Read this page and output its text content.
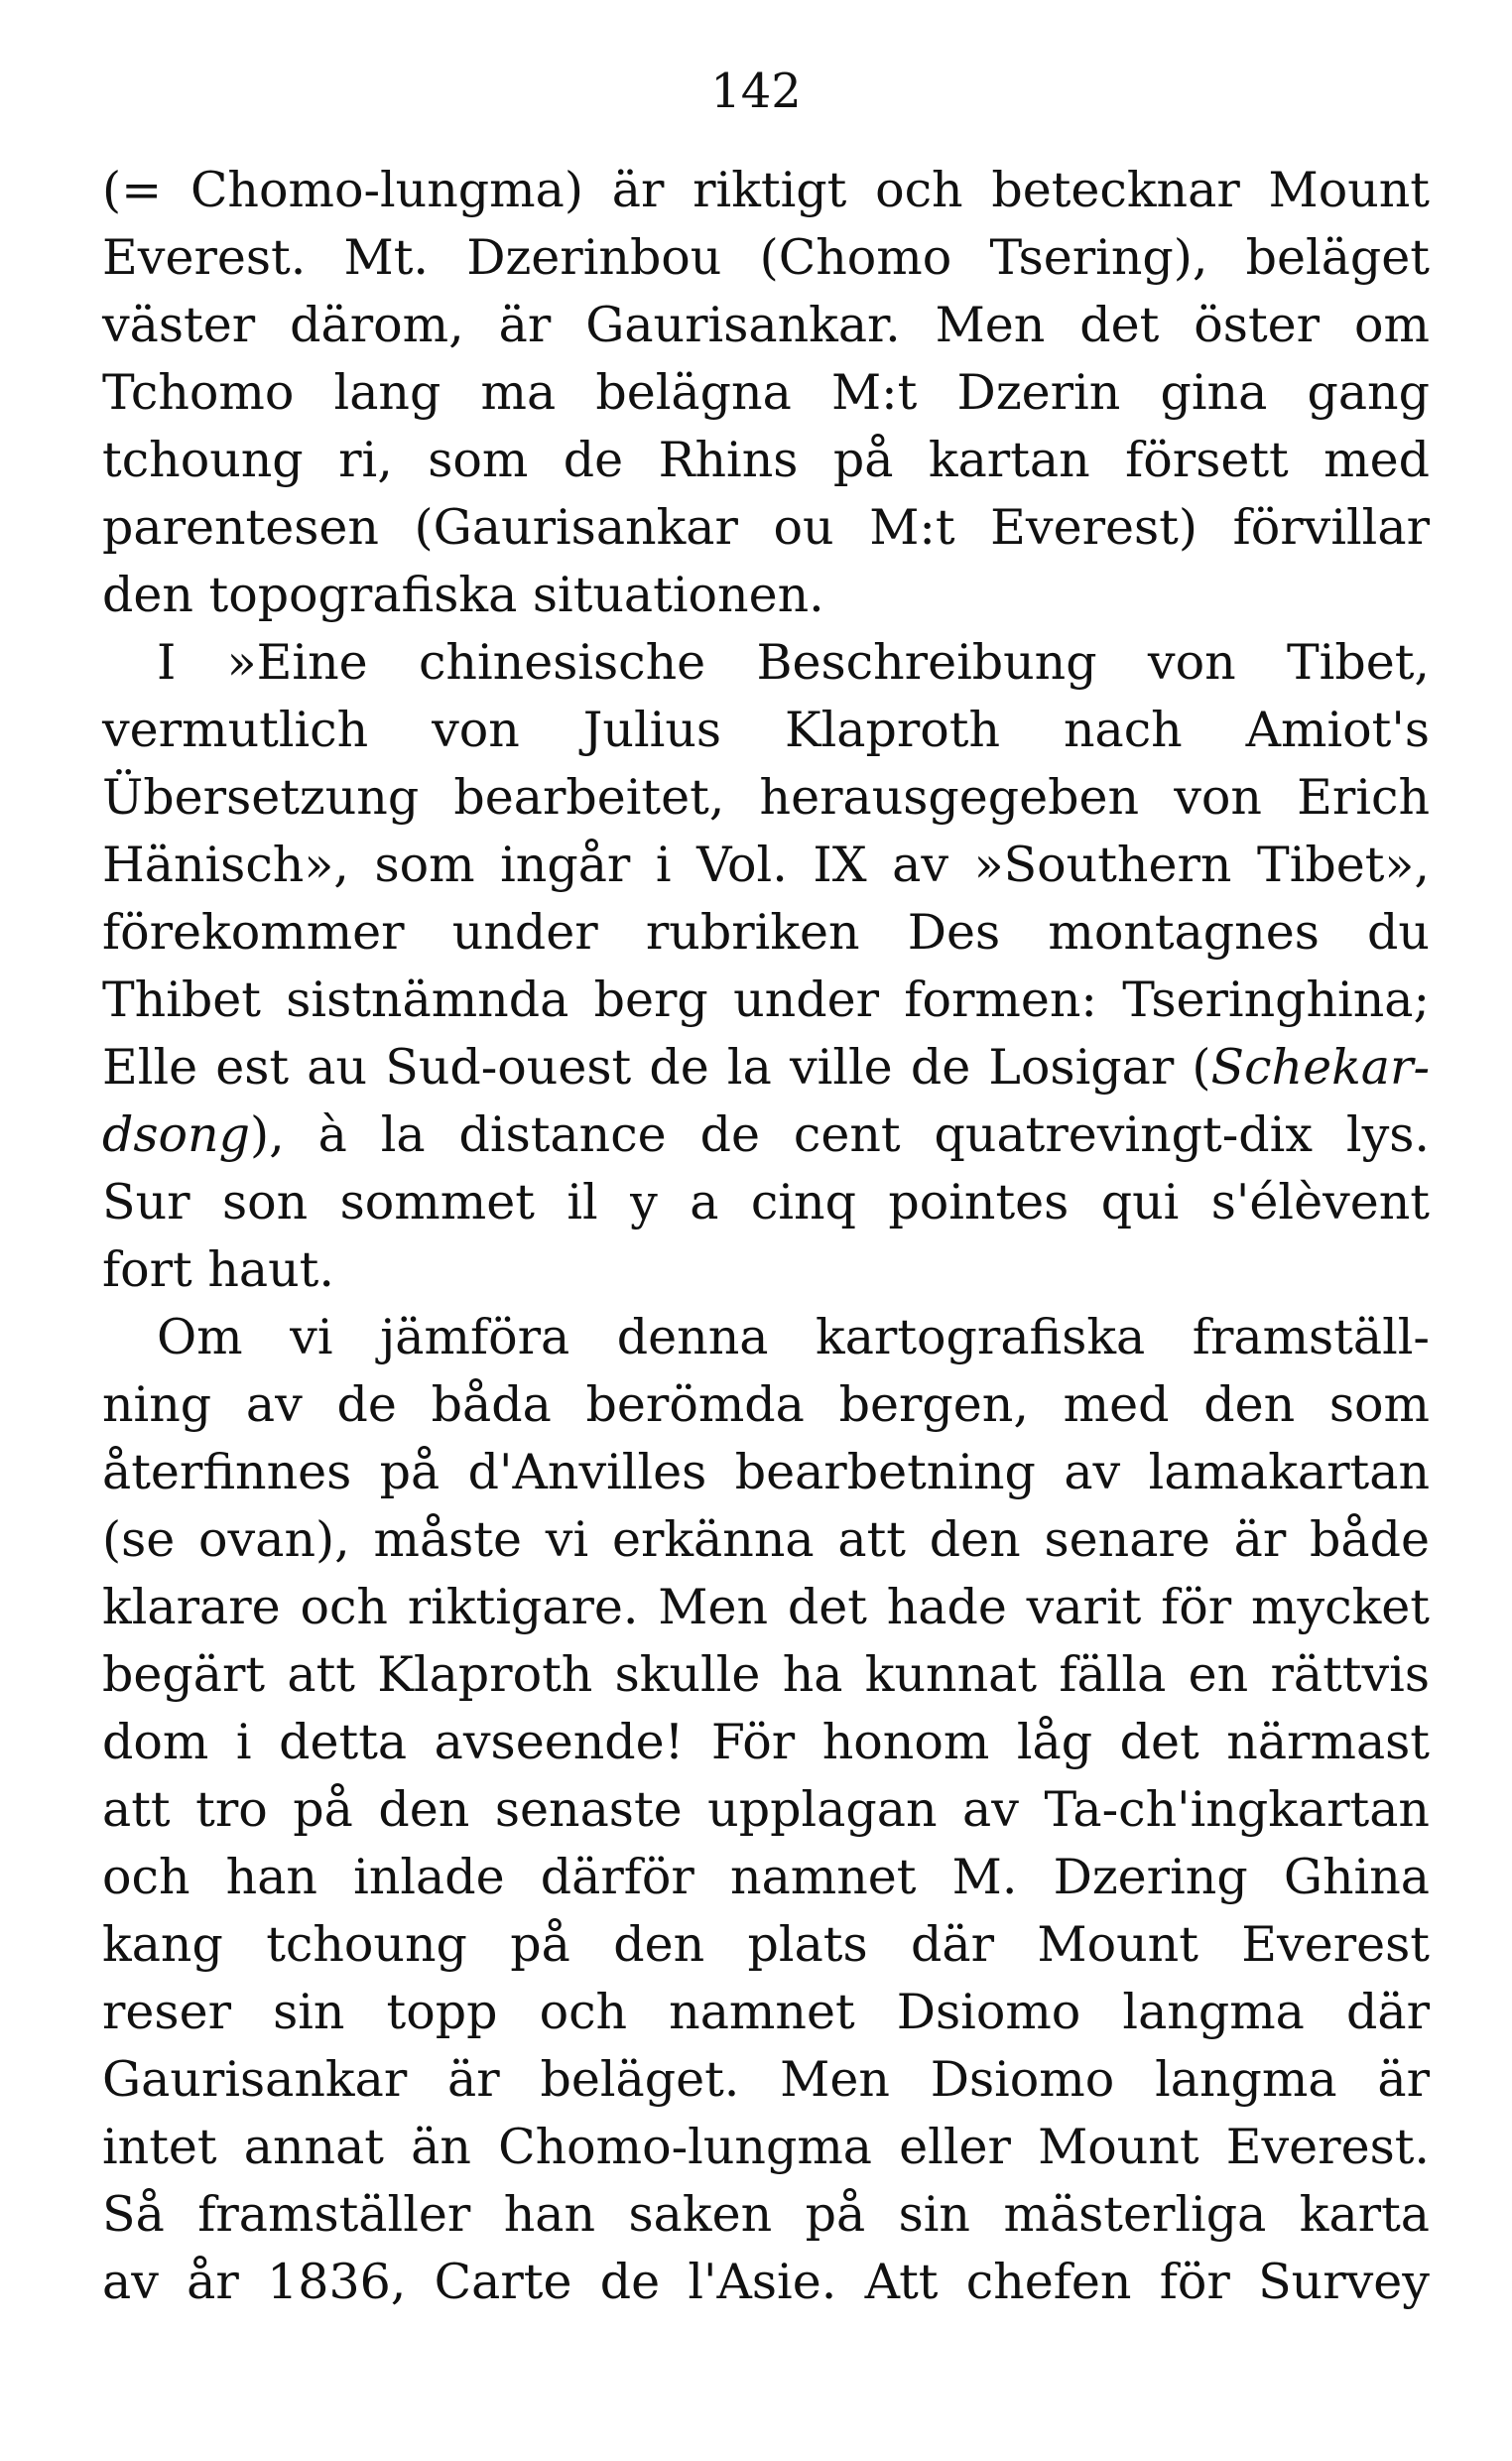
142
(= Chomo-lungma) är riktigt och betecknar Mount
Everest. Mt. Dzerinbou (Chomo Tsering), beläget
väster därom, är Gaurisankar. Men det öster om
Tchomo lang ma belägna M:t Dzerin gina gang
tchoung ri, som de Rhins på kartan försett med
parentesen (Gaurisankar ou M:t Everest) förvillar
den topografiska situationen.
I »Eine chinesische Beschreibung von Tibet,
vermutlich von Julius Klaproth nach Amiot's
Übersetzung bearbeitet, herausgegeben von Erich
Hänisch», som ingår i Vol. IX av »Southern Tibet»,
förekommer under rubriken Des montagnes du
Thibet sistnämnda berg under formen: Tseringhina;
Elle est au Sud-ouest de la ville de Losigar (Schekar-
dsong), à la distance de cent quatrevingt-dix lys.
Sur son sommet il y a cinq pointes qui s'élèvent
fort haut.
Om vi jämföra denna kartografiska framställ-
ning av de båda berömda bergen, med den som
återfinnes på d'Anvilles bearbetning av lamakartan
(se ovan), måste vi erkänna att den senare är både
klarare och riktigare. Men det hade varit för mycket
begärt att Klaproth skulle ha kunnat fälla en rättvis
dom i detta avseende! För honom låg det närmast
att tro på den senaste upplagan av Ta-ch'ingkartan
och han inlade därför namnet M. Dzering Ghina
kang tchoung på den plats där Mount Everest
reser sin topp och namnet Dsiomo langma där
Gaurisankar är beläget. Men Dsiomo langma är
intet annat än Chomo-lungma eller Mount Everest.
Så framställer han saken på sin mästerliga karta
av år 1836, Carte de l'Asie. Att chefen för Survey
